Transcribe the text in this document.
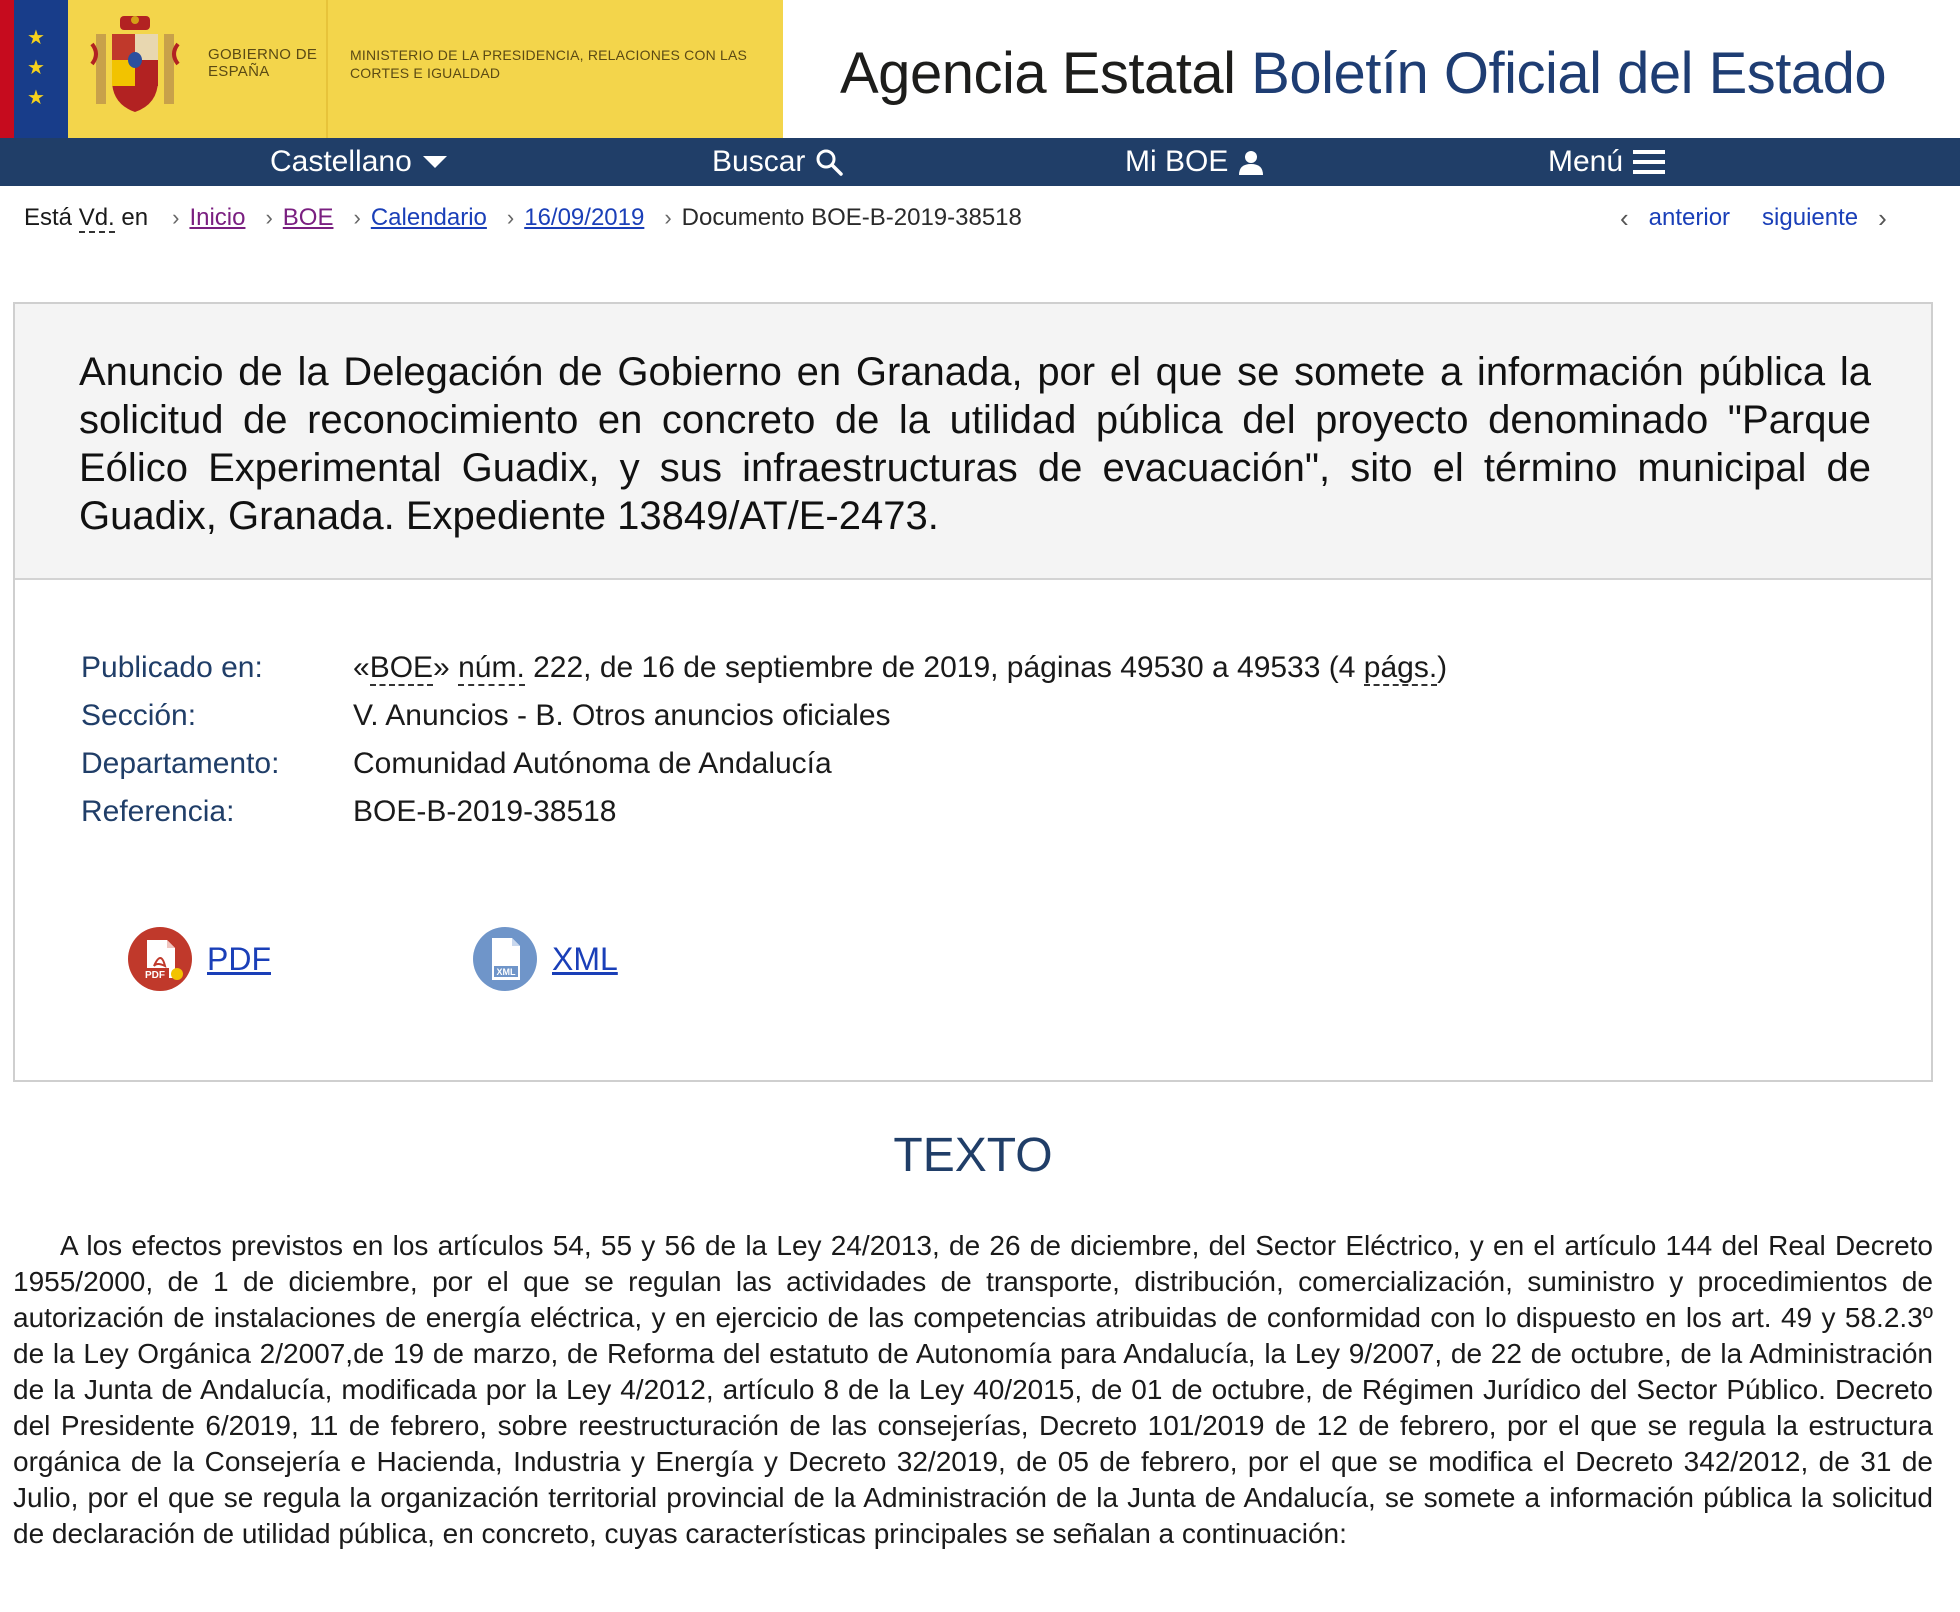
★
★
★
GOBIERNO DE ESPAÑA
MINISTERIO DE LA PRESIDENCIA, RELACIONES CON LAS CORTES E IGUALDAD	Agencia Estatal Boletín Oficial del Estado
Castellano	Buscar	Mi BOE	Menú
Está Vd. en › Inicio › BOE › Calendario › 16/09/2019 › Documento BOE-B-2019-38518	‹ anterior siguiente ›
Anuncio de la Delegación de Gobierno en Granada, por el que se somete a información pública la solicitud de reconocimiento en concreto de la utilidad pública del proyecto denominado "Parque Eólico Experimental Guadix, y sus infraestructuras de evacuación", sito el término municipal de Guadix, Granada. Expediente 13849/AT/E-2473.
Publicado en:	«BOE» núm. 222, de 16 de septiembre de 2019, páginas 49530 a 49533 (4 págs.)
Sección:	V. Anuncios - B. Otros anuncios oficiales
Departamento:	Comunidad Autónoma de Andalucía
Referencia:	BOE-B-2019-38518
PDF PDF	XML XML
TEXTO

A los efectos previstos en los artículos 54, 55 y 56 de la Ley 24/2013, de 26 de diciembre, del Sector Eléctrico, y en el artículo 144 del Real Decreto 1955/2000, de 1 de diciembre, por el que se regulan las actividades de transporte, distribución, comercialización, suministro y procedimientos de autorización de instalaciones de energía eléctrica, y en ejercicio de las competencias atribuidas de conformidad con lo dispuesto en los art. 49 y 58.2.3º de la Ley Orgánica 2/2007,de 19 de marzo, de Reforma del estatuto de Autonomía para Andalucía, la Ley 9/2007, de 22 de octubre, de la Administración de la Junta de Andalucía, modificada por la Ley 4/2012, artículo 8 de la Ley 40/2015, de 01 de octubre, de Régimen Jurídico del Sector Público. Decreto del Presidente 6/2019, 11 de febrero, sobre reestructuración de las consejerías, Decreto 101/2019 de 12 de febrero, por el que se regula la estructura orgánica de la Consejería e Hacienda, Industria y Energía y Decreto 32/2019, de 05 de febrero, por el que se modifica el Decreto 342/2012, de 31 de Julio, por el que se regula la organización territorial provincial de la Administración de la Junta de Andalucía, se somete a información pública la solicitud de declaración de utilidad pública, en concreto, cuyas características principales se señalan a continuación:
